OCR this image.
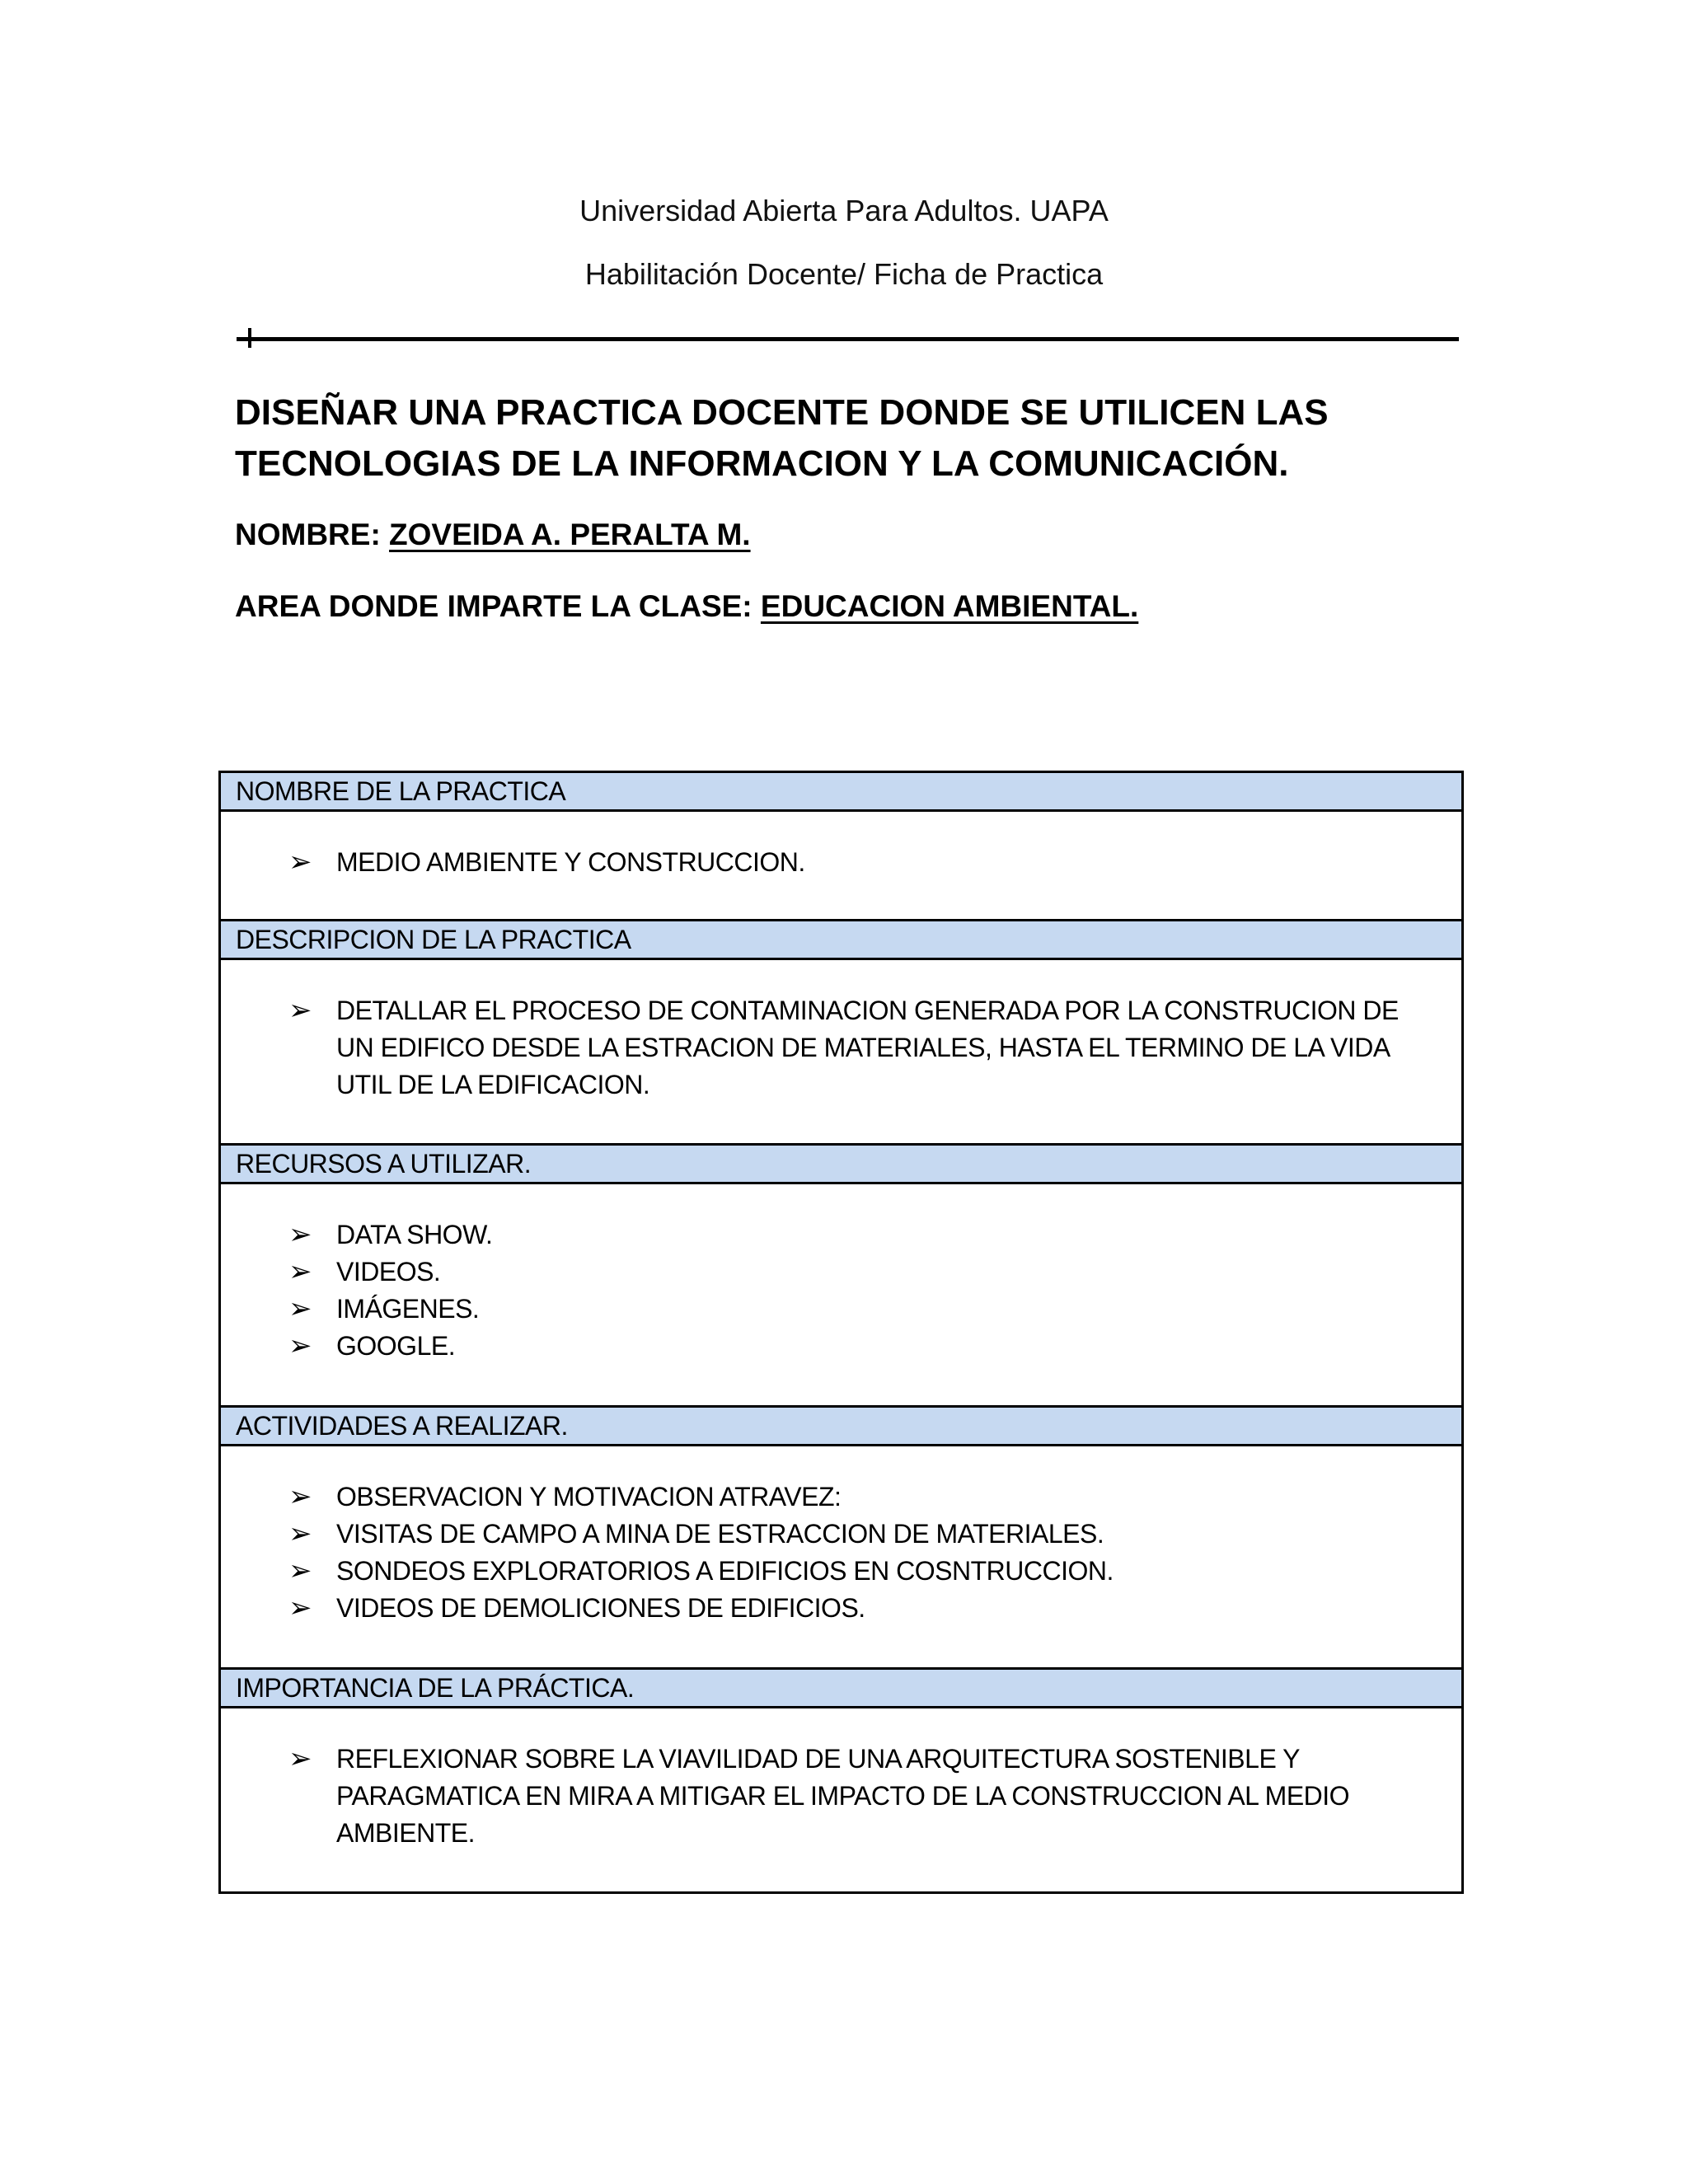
Universidad Abierta Para Adultos. UAPA
Habilitación Docente/ Ficha de Practica
DISEÑAR UNA PRACTICA DOCENTE DONDE SE UTILICEN LAS TECNOLOGIAS DE LA INFORMACION Y LA COMUNICACIÓN.
NOMBRE: ZOVEIDA A. PERALTA M.
AREA DONDE IMPARTE LA CLASE: EDUCACION AMBIENTAL.
NOMBRE DE LA PRACTICA

➢ MEDIO AMBIENTE Y CONSTRUCCION.

DESCRIPCION DE LA PRACTICA

➢ DETALLAR EL PROCESO DE CONTAMINACION GENERADA POR LA CONSTRUCION DE UN EDIFICO DESDE LA ESTRACION DE MATERIALES, HASTA EL TERMINO DE LA VIDA UTIL DE LA EDIFICACION.

RECURSOS A UTILIZAR.

➢ DATA SHOW.
➢ VIDEOS.
➢ IMÁGENES.
➢ GOOGLE.

ACTIVIDADES A REALIZAR.

➢ OBSERVACION Y MOTIVACION ATRAVEZ:
➢ VISITAS DE CAMPO A MINA DE ESTRACCION DE MATERIALES.
➢ SONDEOS EXPLORATORIOS A EDIFICIOS EN COSNTRUCCION.
➢ VIDEOS DE DEMOLICIONES DE EDIFICIOS.

IMPORTANCIA DE LA PRÁCTICA.

➢ REFLEXIONAR SOBRE LA VIAVILIDAD DE UNA ARQUITECTURA SOSTENIBLE Y PARAGMATICA EN MIRA A MITIGAR EL IMPACTO DE LA CONSTRUCCION AL MEDIO AMBIENTE.
